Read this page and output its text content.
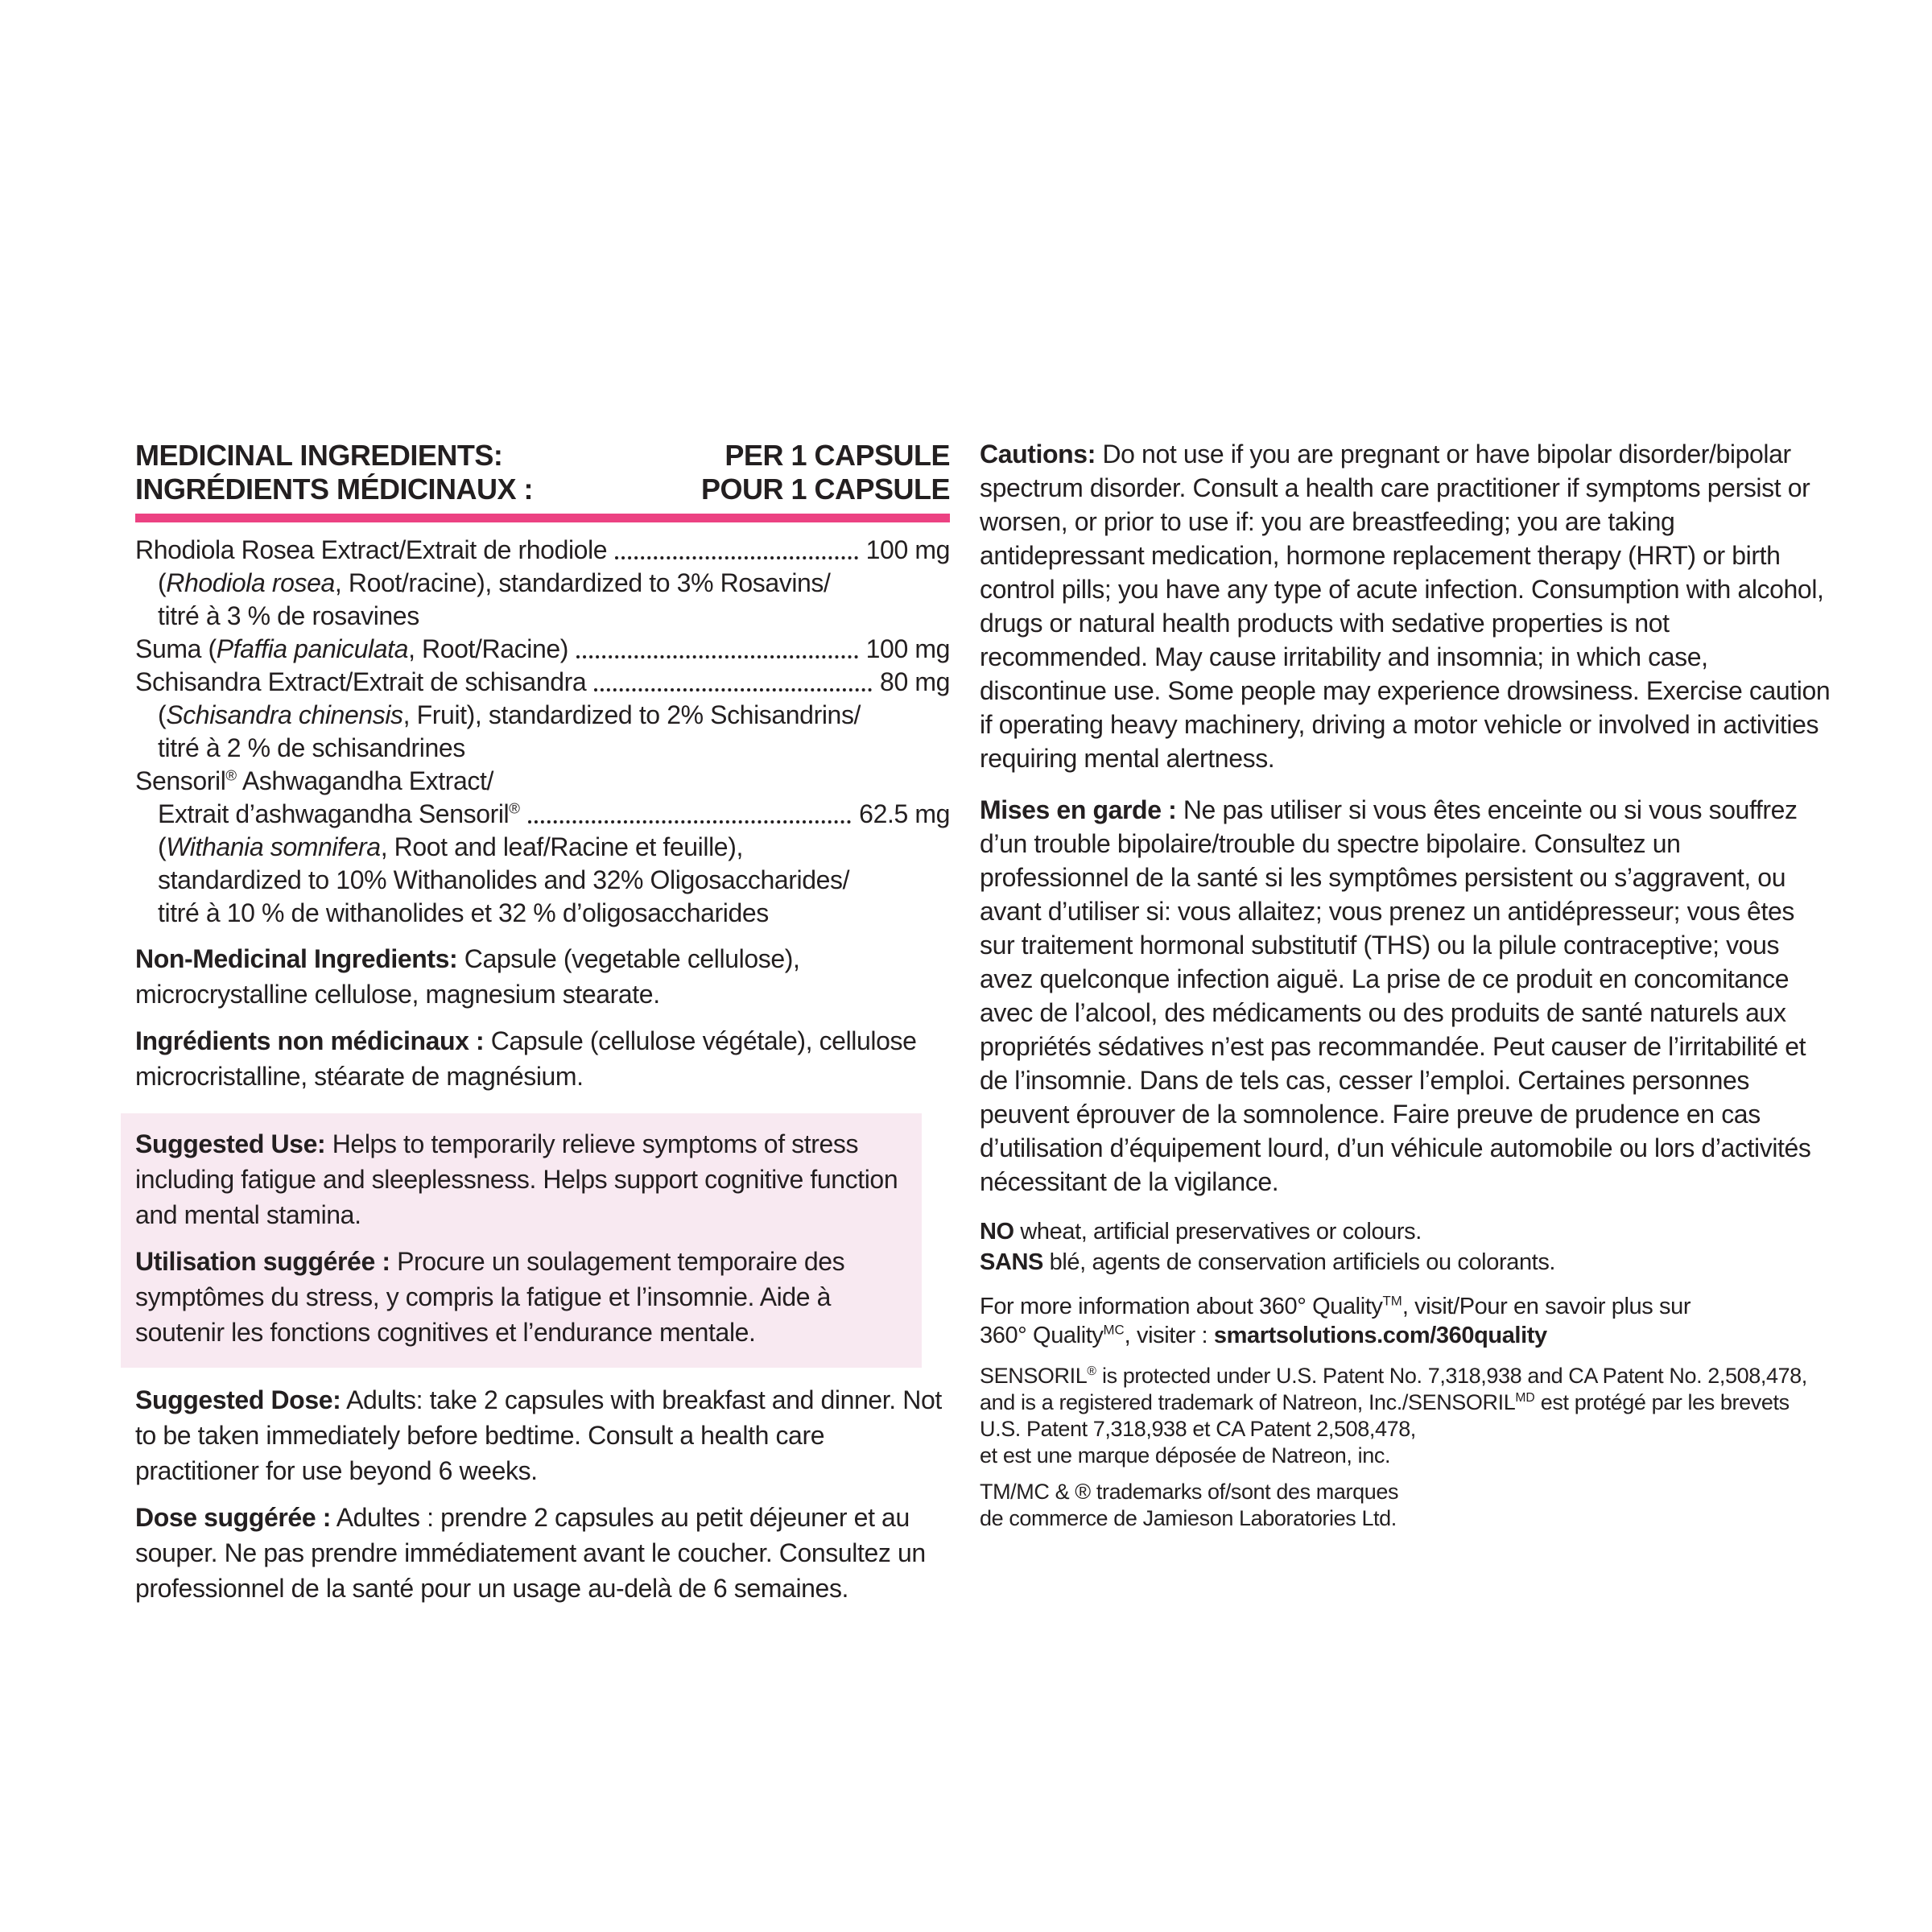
MEDICINAL INGREDIENTS:	PER 1 CAPSULE
INGRÉDIENTS MÉDICINAUX :	POUR 1 CAPSULE
Rhodiola Rosea Extract/Extrait de rhodiole	100 mg
(Rhodiola rosea, Root/racine), standardized to 3% Rosavins/
titré à 3 % de rosavines
Suma (Pfaffia paniculata, Root/Racine)	100 mg
Schisandra Extract/Extrait de schisandra	80 mg
(Schisandra chinensis, Fruit), standardized to 2% Schisandrins/
titré à 2 % de schisandrines
Sensoril® Ashwagandha Extract/
Extrait d’ashwagandha Sensoril®	62.5 mg
(Withania somnifera, Root and leaf/Racine et feuille),
standardized to 10% Withanolides and 32% Oligosaccharides/
titré à 10 % de withanolides et 32 % d’oligosaccharides
Non-Medicinal Ingredients: Capsule (vegetable cellulose), microcrystalline cellulose, magnesium stearate.
Ingrédients non médicinaux : Capsule (cellulose végétale), cellulose microcristalline, stéarate de magnésium.
Suggested Use: Helps to temporarily relieve symptoms of stress including fatigue and sleeplessness. Helps support cognitive function and mental stamina.
Utilisation suggérée : Procure un soulagement temporaire des symptômes du stress, y compris la fatigue et l’insomnie. Aide à soutenir les fonctions cognitives et l’endurance mentale.
Suggested Dose: Adults: take 2 capsules with breakfast and dinner. Not to be taken immediately before bedtime. Consult a health care practitioner for use beyond 6 weeks.
Dose suggérée : Adultes : prendre 2 capsules au petit déjeuner et au souper. Ne pas prendre immédiatement avant le coucher. Consultez un professionnel de la santé pour un usage au-delà de 6 semaines.
Cautions: Do not use if you are pregnant or have bipolar disorder/bipolar spectrum disorder. Consult a health care practitioner if symptoms persist or worsen, or prior to use if: you are breastfeeding; you are taking antidepressant medication, hormone replacement therapy (HRT) or birth control pills; you have any type of acute infection. Consumption with alcohol, drugs or natural health products with sedative properties is not recommended. May cause irritability and insomnia; in which case, discontinue use. Some people may experience drowsiness. Exercise caution if operating heavy machinery, driving a motor vehicle or involved in activities requiring mental alertness.
Mises en garde : Ne pas utiliser si vous êtes enceinte ou si vous souffrez d’un trouble bipolaire/trouble du spectre bipolaire. Consultez un professionnel de la santé si les symptômes persistent ou s’aggravent, ou avant d’utiliser si: vous allaitez; vous prenez un antidépresseur; vous êtes sur traitement hormonal substitutif (THS) ou la pilule contraceptive; vous avez quelconque infection aiguë. La prise de ce produit en concomitance avec de l’alcool, des médicaments ou des produits de santé naturels aux propriétés sédatives n’est pas recommandée. Peut causer de l’irritabilité et de l’insomnie. Dans de tels cas, cesser l’emploi. Certaines personnes peuvent éprouver de la somnolence. Faire preuve de prudence en cas d’utilisation d’équipement lourd, d’un véhicule automobile ou lors d’activités nécessitant de la vigilance.
NO wheat, artificial preservatives or colours.
SANS blé, agents de conservation artificiels ou colorants.
For more information about 360° Quality™, visit/Pour en savoir plus sur
360° Quality$^{MC}$, visiter : smartsolutions.com/360quality
SENSORIL® is protected under U.S. Patent No. 7,318,938 and CA Patent No. 2,508,478,
and is a registered trademark of Natreon, $Inc./SENSORIL^{MD}$ est protégé par les brevets
U.S. Patent 7,318,938 et CA Patent 2,508,478,
et est une marque déposée de Natreon, inc.
TM/MC & ® trademarks of/sont des marques
de commerce de Jamieson Laboratories Ltd.
